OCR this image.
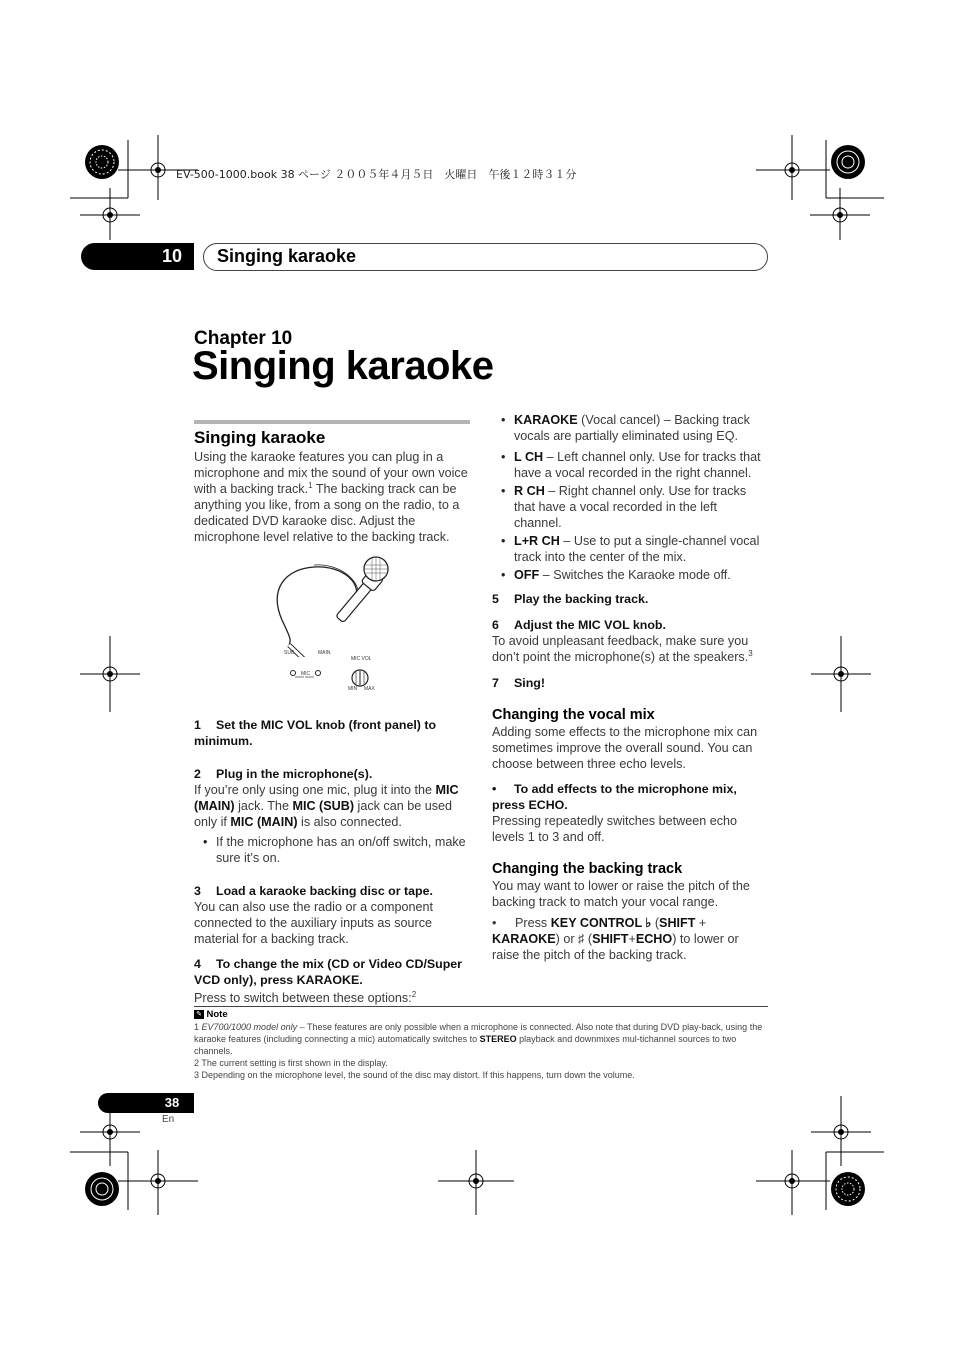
EV-500-1000.book 38 ページ ２００５年４月５日　火曜日　午後１２時３１分
10	Singing karaoke
Chapter 10
Singing karaoke
Singing karaoke

Using the karaoke features you can plug in a microphone and mix the sound of your own voice with a backing track.$^1$ The backing track can be anything you like, from a song on the radio, to a dedicated DVD karaoke disc. Adjust the microphone level relative to the backing track.

SUB	MAIN
MIC
MIC VOL
MIN MAX

1 Set the MIC VOL knob (front panel) to minimum.

2 Plug in the microphone(s).

If you’re only using one mic, plug it into the MIC (MAIN) jack. The MIC (SUB) jack can be used only if MIC (MAIN) is also connected.

• If the microphone has an on/off switch, make sure it’s on.

3 Load a karaoke backing disc or tape.

You can also use the radio or a component connected to the auxiliary inputs as source material for a backing track.

4 To change the mix (CD or Video CD/Super VCD only), press KARAOKE.

Press to switch between these options:$^2$

• KARAOKE (Vocal cancel) – Backing track vocals are partially eliminated using EQ.
• L CH – Left channel only. Use for tracks that have a vocal recorded in the right channel.
• R CH – Right channel only. Use for tracks that have a vocal recorded in the left channel.
• L+R CH – Use to put a single-channel vocal track into the center of the mix.
• OFF – Switches the Karaoke mode off.

5 Play the backing track.

6 Adjust the MIC VOL knob.

To avoid unpleasant feedback, make sure you don’t point the microphone(s) at the speakers.$^3$

7 Sing!

Changing the vocal mix

Adding some effects to the microphone mix can sometimes improve the overall sound. You can choose between three echo levels.

• To add effects to the microphone mix, press ECHO.

Pressing repeatedly switches between echo levels 1 to 3 and off.

Changing the backing track

You may want to lower or raise the pitch of the backing track to match your vocal range.

• Press KEY CONTROL ♭ (SHIFT + KARAOKE) or ♯ (SHIFT+ECHO) to lower or raise the pitch of the backing track.

✎ Note
1 EV700/1000 model only – These features are only possible when a microphone is connected. Also note that during DVD play-back, using the karaoke features (including connecting a mic) automatically switches to STEREO playback and downmixes mul-tichannel sources to two channels.
2 The current setting is first shown in the display.
3 Depending on the microphone level, the sound of the disc may distort. If this happens, turn down the volume.
38
En
